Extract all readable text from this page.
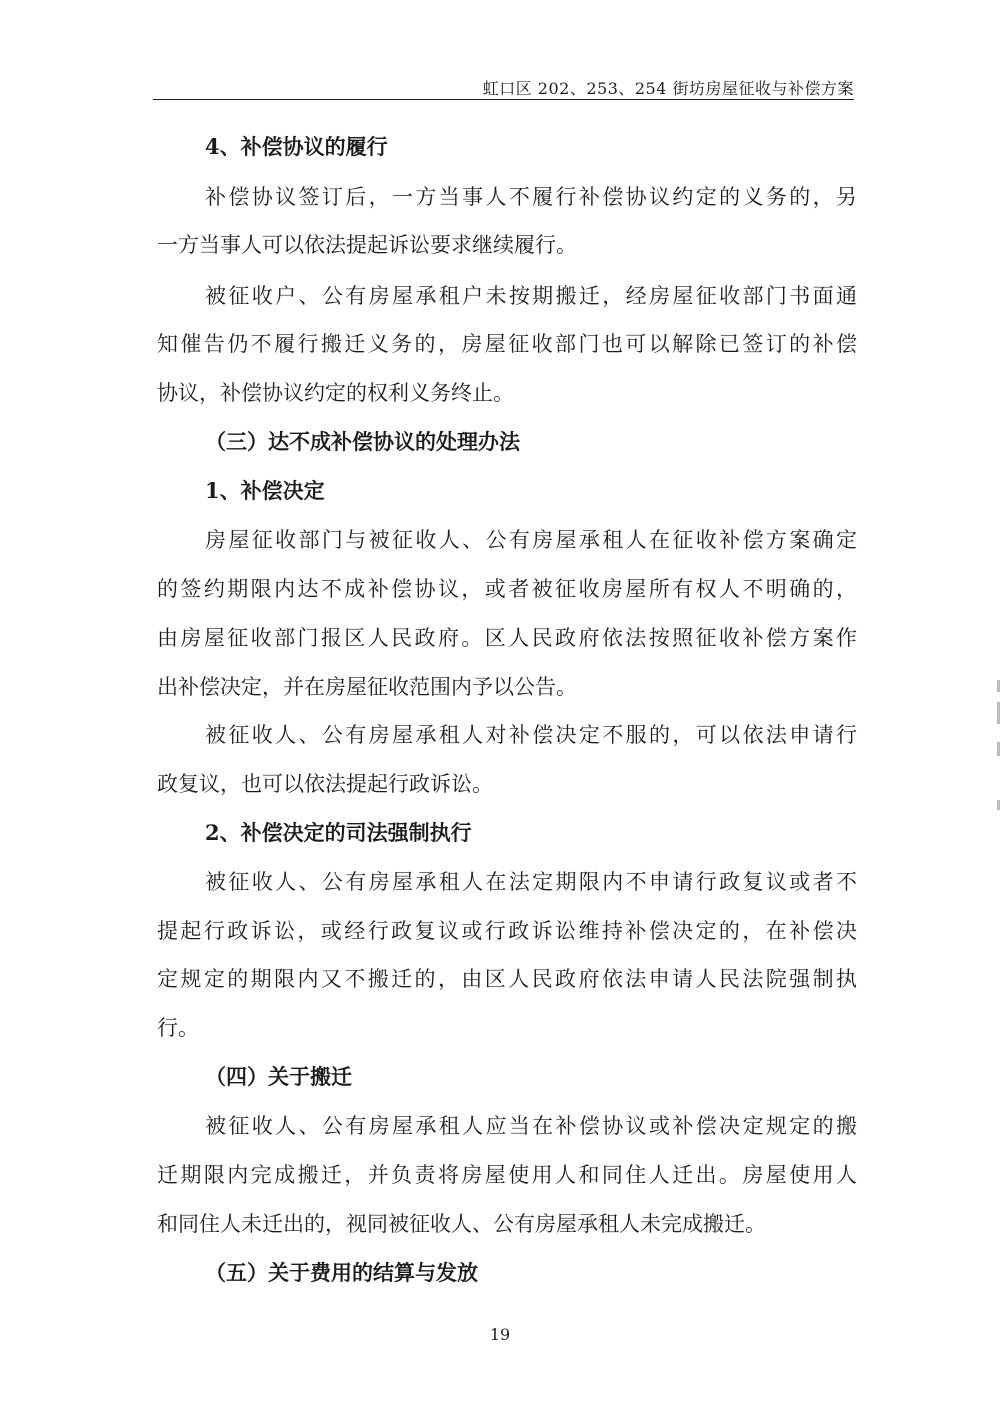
虹口区 202、253、254 街坊房屋征收与补偿方案
4、补偿协议的履行
补偿协议签订后，一方当事人不履行补偿协议约定的义务的，另
一方当事人可以依法提起诉讼要求继续履行。
被征收户、公有房屋承租户未按期搬迁，经房屋征收部门书面通
知催告仍不履行搬迁义务的，房屋征收部门也可以解除已签订的补偿
协议，补偿协议约定的权利义务终止。
（三）达不成补偿协议的处理办法
1、补偿决定
房屋征收部门与被征收人、公有房屋承租人在征收补偿方案确定
的签约期限内达不成补偿协议，或者被征收房屋所有权人不明确的，
由房屋征收部门报区人民政府。区人民政府依法按照征收补偿方案作
出补偿决定，并在房屋征收范围内予以公告。
被征收人、公有房屋承租人对补偿决定不服的，可以依法申请行
政复议，也可以依法提起行政诉讼。
2、补偿决定的司法强制执行
被征收人、公有房屋承租人在法定期限内不申请行政复议或者不
提起行政诉讼，或经行政复议或行政诉讼维持补偿决定的，在补偿决
定规定的期限内又不搬迁的，由区人民政府依法申请人民法院强制执
行。
（四）关于搬迁
被征收人、公有房屋承租人应当在补偿协议或补偿决定规定的搬
迁期限内完成搬迁，并负责将房屋使用人和同住人迁出。房屋使用人
和同住人未迁出的，视同被征收人、公有房屋承租人未完成搬迁。
（五）关于费用的结算与发放
19
